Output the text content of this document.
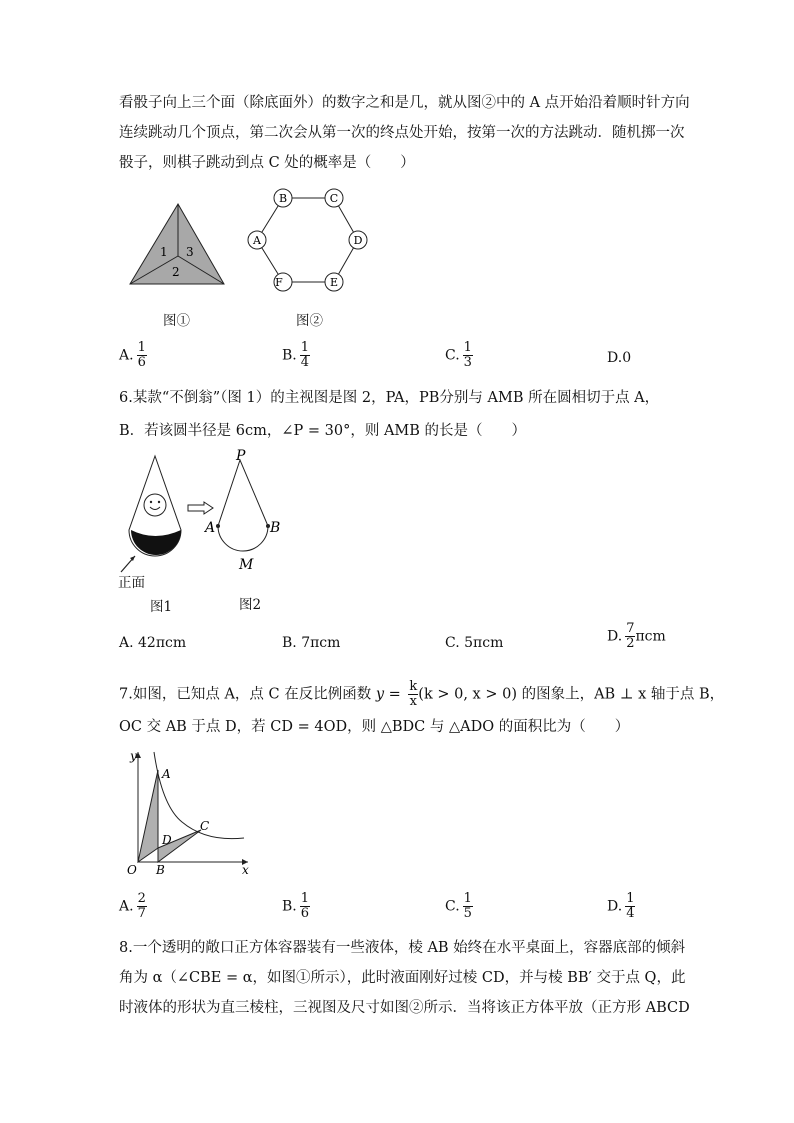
看骰子向上三个面（除底面外）的数字之和是几，就从图②中的 A 点开始沿着顺时针方向
连续跳动几个顶点，第二次会从第一次的终点处开始，按第一次的方法跳动．随机掷一次
骰子，则棋子跳动到点 C 处的概率是（　　）
1 3
2
图①
B	C
D
E
F
A
图②
A. $\frac{1}{6}$	B. $\frac{1}{4}$	C. $\frac{1}{3}$	D.0
6.某款“不倒翁”（图 1）的主视图是图 2，PA，PB分别与 AMB 所在圆相切于点 A，
B．若该圆半径是 6cm，∠P = 30°，则 AMB 的长是（　　）
正面
图1
P
A	B
M
图2
A. 42πcm	B. 7πcm	C. 5πcm	D. $\frac{7}{2}$ πcm
7.如图，已知点 A，点 C 在反比例函数 $y = \frac{k}{x} (k > 0$, x > 0) 的图象上，AB ⊥ x 轴于点 B，
OC 交 AB 于点 D，若 CD = 4OD，则 △BDC 与 △ADO 的面积比为（　　）
y
x
O
A
B
C
D
A. $\frac{2}{7}$	B. $\frac{1}{6}$	C. $\frac{1}{5}$	D. $\frac{1}{4}$
8.一个透明的敞口正方体容器装有一些液体，棱 AB 始终在水平桌面上，容器底部的倾斜
角为 α（∠CBE = α，如图①所示），此时液面刚好过棱 CD，并与棱 BB′ 交于点 Q，此
时液体的形状为直三棱柱，三视图及尺寸如图②所示．当将该正方体平放（正方形 ABCD
